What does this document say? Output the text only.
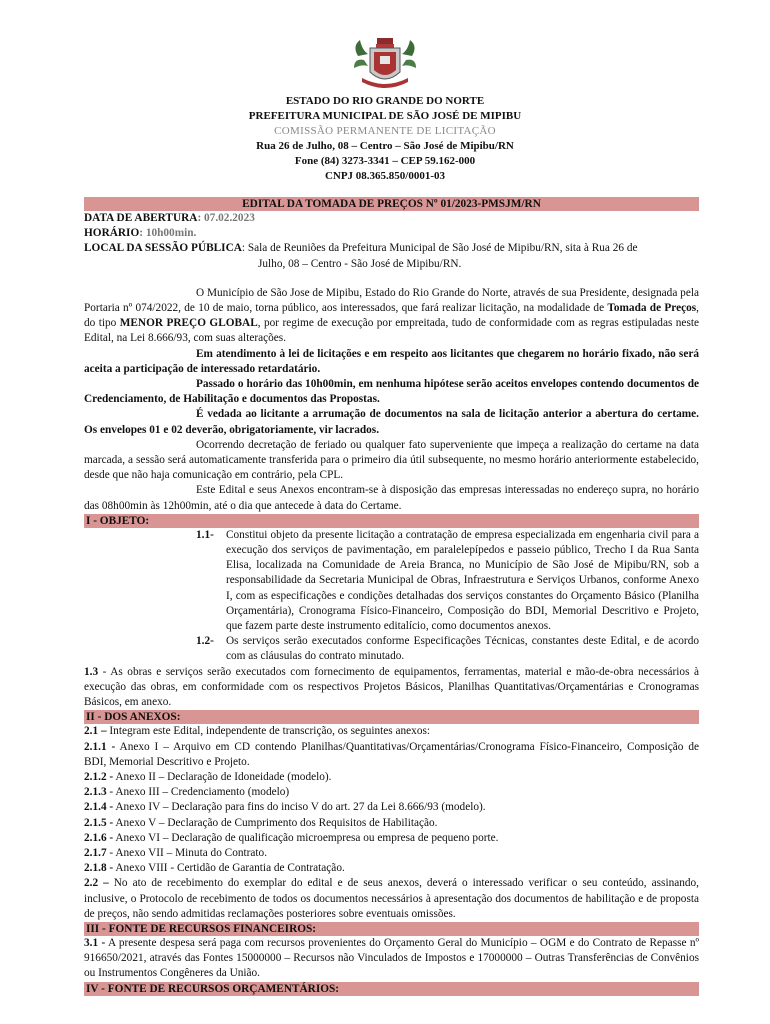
ESTADO DO RIO GRANDE DO NORTE
PREFEITURA MUNICIPAL DE SÃO JOSÉ DE MIPIBU
COMISSÃO PERMANENTE DE LICITAÇÃO
Rua 26 de Julho, 08 – Centro – São José de Mipibu/RN
Fone (84) 3273-3341 – CEP 59.162-000
CNPJ 08.365.850/0001-03
EDITAL DA TOMADA DE PREÇOS Nº 01/2023-PMSJM/RN
DATA DE ABERTURA: 07.02.2023
HORÁRIO: 10h00min.
LOCAL DA SESSÃO PÚBLICA: Sala de Reuniões da Prefeitura Municipal de São José de Mipibu/RN, sita à Rua 26 de
Julho, 08 – Centro - São José de Mipibu/RN.

O Município de São Jose de Mipibu, Estado do Rio Grande do Norte, através de sua Presidente, designada pela Portaria nº 074/2022, de 10 de maio, torna público, aos interessados, que fará realizar licitação, na modalidade de Tomada de Preços, do tipo MENOR PREÇO GLOBAL, por regime de execução por empreitada, tudo de conformidade com as regras estipuladas neste Edital, na Lei 8.666/93, com suas alterações.

Em atendimento à lei de licitações e em respeito aos licitantes que chegarem no horário fixado, não será aceita a participação de interessado retardatário.

Passado o horário das 10h00min, em nenhuma hipótese serão aceitos envelopes contendo documentos de Credenciamento, de Habilitação e documentos das Propostas.

É vedada ao licitante a arrumação de documentos na sala de licitação anterior a abertura do certame. Os envelopes 01 e 02 deverão, obrigatoriamente, vir lacrados.

Ocorrendo decretação de feriado ou qualquer fato superveniente que impeça a realização do certame na data marcada, a sessão será automaticamente transferida para o primeiro dia útil subsequente, no mesmo horário anteriormente estabelecido, desde que não haja comunicação em contrário, pela CPL.

Este Edital e seus Anexos encontram-se à disposição das empresas interessadas no endereço supra, no horário das 08h00min às 12h00min, até o dia que antecede à data do Certame.

I - OBJETO:
1.1-	Constitui objeto da presente licitação a contratação de empresa especializada em engenharia civil para a execução dos serviços de pavimentação, em paralelepípedos e passeio público, Trecho I da Rua Santa Elisa, localizada na Comunidade de Areia Branca, no Município de São José de Mipibu/RN, sob a responsabilidade da Secretaria Municipal de Obras, Infraestrutura e Serviços Urbanos, conforme Anexo I, com as especificações e condições detalhadas dos serviços constantes do Orçamento Básico (Planilha Orçamentária), Cronograma Físico-Financeiro, Composição do BDI, Memorial Descritivo e Projeto, que fazem parte deste instrumento editalício, como documentos anexos.
1.2-	Os serviços serão executados conforme Especificações Técnicas, constantes deste Edital, e de acordo com as cláusulas do contrato minutado.

1.3 - As obras e serviços serão executados com fornecimento de equipamentos, ferramentas, material e mão-de-obra necessários à execução das obras, em conformidade com os respectivos Projetos Básicos, Planilhas Quantitativas/Orçamentárias e Cronogramas Básicos, em anexo.

II - DOS ANEXOS:

2.1 – Integram este Edital, independente de transcrição, os seguintes anexos:

2.1.1 - Anexo I – Arquivo em CD contendo Planilhas/Quantitativas/Orçamentárias/Cronograma Físico-Financeiro, Composição de BDI, Memorial Descritivo e Projeto.

2.1.2 - Anexo II – Declaração de Idoneidade (modelo).

2.1.3 - Anexo III – Credenciamento (modelo)

2.1.4 - Anexo IV – Declaração para fins do inciso V do art. 27 da Lei 8.666/93 (modelo).

2.1.5 - Anexo V – Declaração de Cumprimento dos Requisitos de Habilitação.

2.1.6 - Anexo VI – Declaração de qualificação microempresa ou empresa de pequeno porte.

2.1.7 - Anexo VII – Minuta do Contrato.

2.1.8 - Anexo VIII - Certidão de Garantia de Contratação.

2.2 – No ato de recebimento do exemplar do edital e de seus anexos, deverá o interessado verificar o seu conteúdo, assinando, inclusive, o Protocolo de recebimento de todos os documentos necessários à apresentação dos documentos de habilitação e de proposta de preços, não sendo admitidas reclamações posteriores sobre eventuais omissões.

III - FONTE DE RECURSOS FINANCEIROS:

3.1 - A presente despesa será paga com recursos provenientes do Orçamento Geral do Município – OGM e do Contrato de Repasse nº 916650/2021, através das Fontes 15000000 – Recursos não Vinculados de Impostos e 17000000 – Outras Transferências de Convênios ou Instrumentos Congêneres da União.

IV - FONTE DE RECURSOS ORÇAMENTÁRIOS:
